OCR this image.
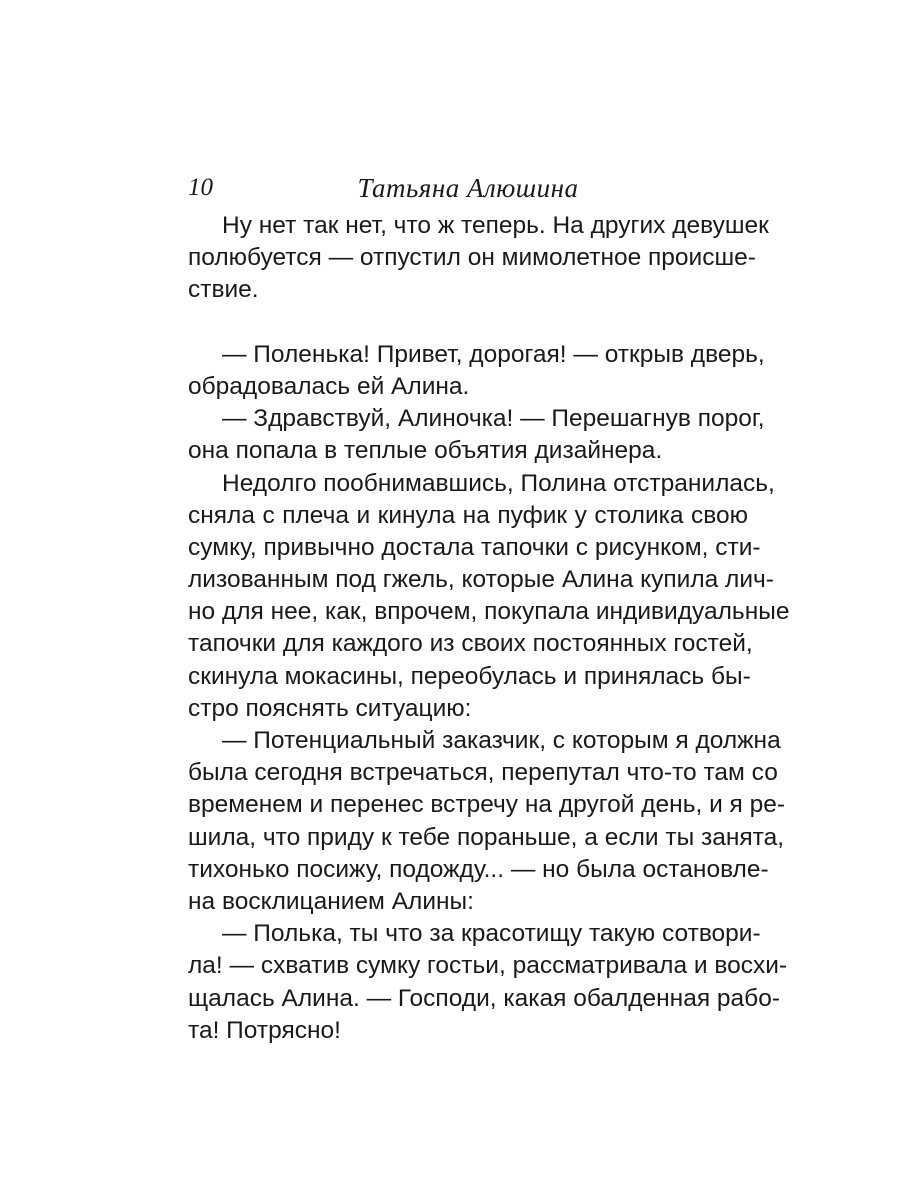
10	Татьяна Алюшина
Ну нет так нет, что ж теперь. На других девушек
полюбуется — отпустил он мимолетное происше-
ствие.
— Поленька! Привет, дорогая! — открыв дверь,
обрадовалась ей Алина.
— Здравствуй, Алиночка! — Перешагнув порог,
она попала в теплые объятия дизайнера.
Недолго пообнимавшись, Полина отстранилась,
сняла с плеча и кинула на пуфик у столика свою
сумку, привычно достала тапочки с рисунком, сти-
лизованным под гжель, которые Алина купила лич-
но для нее, как, впрочем, покупала индивидуальные
тапочки для каждого из своих постоянных гостей,
скинула мокасины, переобулась и принялась бы-
стро пояснять ситуацию:
— Потенциальный заказчик, с которым я должна
была сегодня встречаться, перепутал что-то там со
временем и перенес встречу на другой день, и я ре-
шила, что приду к тебе пораньше, а если ты занята,
тихонько посижу, подожду... — но была остановле-
на восклицанием Алины:
— Полька, ты что за красотищу такую сотвори-
ла! — схватив сумку гостьи, рассматривала и восхи-
щалась Алина. — Господи, какая обалденная рабо-
та! Потрясно!
